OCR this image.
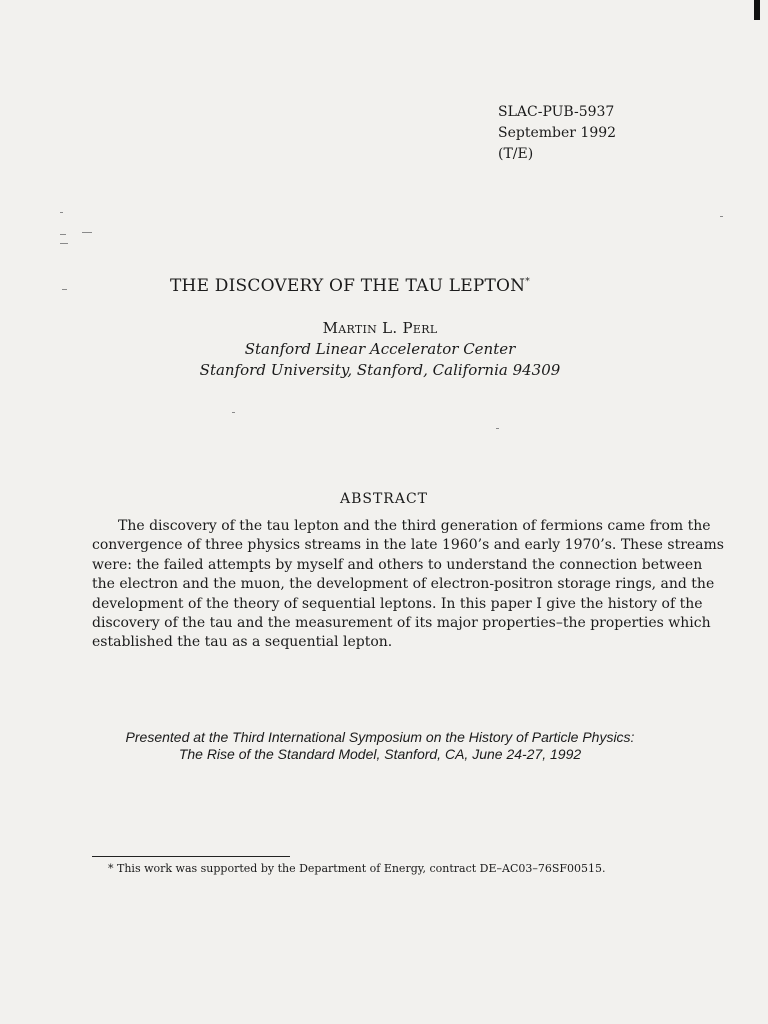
SLAC-PUB-5937
September 1992
(T/E)
THE DISCOVERY OF THE TAU LEPTON*
Martin L. Perl
Stanford Linear Accelerator Center
Stanford University, Stanford, California 94309
ABSTRACT
The discovery of the tau lepton and the third generation of fermions came from the
convergence of three physics streams in the late 1960’s and early 1970’s. These streams
were: the failed attempts by myself and others to understand the connection between
the electron and the muon, the development of electron-positron storage rings, and the
development of the theory of sequential leptons. In this paper I give the history of the
discovery of the tau and the measurement of its major properties–the properties which
established the tau as a sequential lepton.
Presented at the Third International Symposium on the History of Particle Physics:
The Rise of the Standard Model, Stanford, CA, June 24-27, 1992
* This work was supported by the Department of Energy, contract DE–AC03–76SF00515.
